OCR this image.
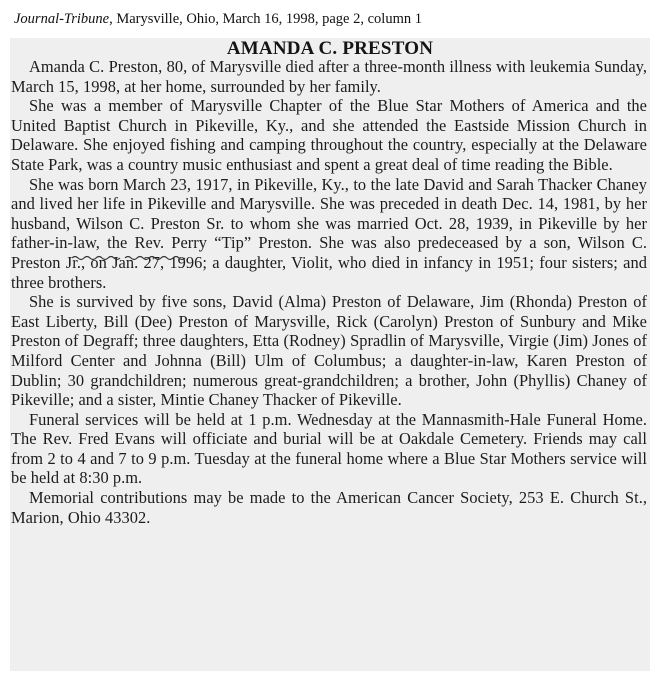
Journal-Tribune, Marysville, Ohio, March 16, 1998, page 2, column 1
AMANDA C. PRESTON

Amanda C. Preston, 80, of Marysville died after a three-month illness with leukemia Sunday, March 15, 1998, at her home, surrounded by her family.

She was a member of Marysville Chapter of the Blue Star Mothers of America and the United Baptist Church in Pikeville, Ky., and she attended the Eastside Mission Church in Delaware. She enjoyed fishing and camping throughout the country, especially at the Delaware State Park, was a country music enthusiast and spent a great deal of time reading the Bible.

She was born March 23, 1917, in Pikeville, Ky., to the late David and Sarah Thacker Chaney and lived her life in Pikeville and Marysville. She was preceded in death Dec. 14, 1981, by her husband, Wilson C. Preston Sr. to whom she was married Oct. 28, 1939, in Pikeville by her father-in-law, the Rev. Perry “Tip” Preston. She was also predeceased by a son, Wilson C. Preston Jr., on Jan. 27, 1996; a daughter, Violit, who died in infancy in 1951; four sisters; and three brothers.

She is survived by five sons, David (Alma) Preston of Delaware, Jim (Rhonda) Preston of East Liberty, Bill (Dee) Preston of Marysville, Rick (Carolyn) Preston of Sunbury and Mike Preston of Degraff; three daughters, Etta (Rodney) Spradlin of Marysville, Virgie (Jim) Jones of Milford Center and Johnna (Bill) Ulm of Columbus; a daughter-in-law, Karen Preston of Dublin; 30 grandchildren; numerous great-grandchildren; a brother, John (Phyllis) Chaney of Pikeville; and a sister, Mintie Chaney Thacker of Pikeville.

Funeral services will be held at 1 p.m. Wednesday at the Mannasmith-Hale Funeral Home. The Rev. Fred Evans will officiate and burial will be at Oakdale Cemetery. Friends may call from 2 to 4 and 7 to 9 p.m. Tuesday at the funeral home where a Blue Star Mothers service will be held at 8:30 p.m.

Memorial contributions may be made to the American Cancer Society, 253 E. Church St., Marion, Ohio 43302.
